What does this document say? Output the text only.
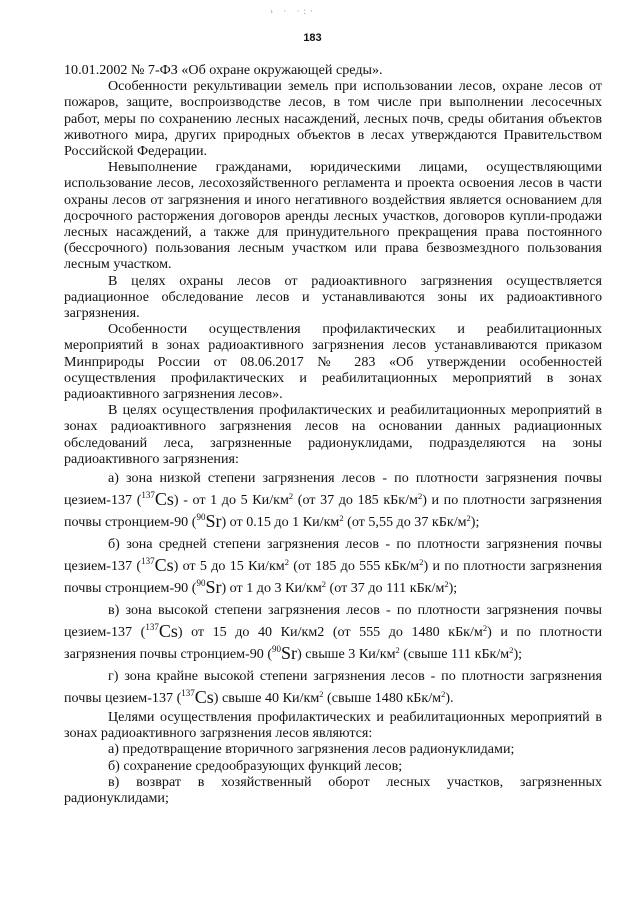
› · ·:·
183

10.01.2002 № 7-ФЗ «Об охране окружающей среды».

Особенности рекультивации земель при использовании лесов, охране лесов от пожаров, защите, воспроизводстве лесов, в том числе при выполнении лесосечных работ, меры по сохранению лесных насаждений, лесных почв, среды обитания объектов животного мира, других природных объектов в лесах утверждаются Правительством Российской Федерации.

Невыполнение гражданами, юридическими лицами, осуществляющими использование лесов, лесохозяйственного регламента и проекта освоения лесов в части охраны лесов от загрязнения и иного негативного воздействия является основанием для досрочного расторжения договоров аренды лесных участков, договоров купли-продажи лесных насаждений, а также для принудительного прекращения права постоянного (бессрочного) пользования лесным участком или права безвозмездного пользования лесным участком.

В целях охраны лесов от радиоактивного загрязнения осуществляется радиационное обследование лесов и устанавливаются зоны их радиоактивного загрязнения.

Особенности осуществления профилактических и реабилитационных мероприятий в зонах радиоактивного загрязнения лесов устанавливаются приказом Минприроды России от 08.06.2017 № 283 «Об утверждении особенностей осуществления профилактических и реабилитационных мероприятий в зонах радиоактивного загрязнения лесов».

В целях осуществления профилактических и реабилитационных мероприятий в зонах радиоактивного загрязнения лесов на основании данных радиационных обследований леса, загрязненные радионуклидами, подразделяются на зоны радиоактивного загрязнения:

а) зона низкой степени загрязнения лесов - по плотности загрязнения почвы цезием-137 ($^{137}$Cs) - от 1 до 5 $Ки/км^2$ (от 37 до 185 кБк/$м^2$) и по плотности загрязнения почвы стронцием-90 ($^{90}$Sr) от 0.15 до 1 $Ки/км^2$ (от 5,55 до 37 кБк/$м^2$);

б) зона средней степени загрязнения лесов - по плотности загрязнения почвы цезием-137 ($^{137}$Cs) от 5 до 15 $Ки/км^2$ (от 185 до 555 кБк/$м^2$) и по плотности загрязнения почвы стронцием-90 ($^{90}$Sr) от 1 до 3 $Ки/км^2$ (от 37 до 111 кБк/$м^2$);

в) зона высокой степени загрязнения лесов - по плотности загрязнения почвы цезием-137 ($^{137}$Cs) от 15 до 40 Ки/км2 (от 555 до 1480 кБк/$м^2$) и по плотности загрязнения почвы стронцием-90 ($^{90}$Sr) свыше 3 $Ки/км^2$ (свыше 111 кБк/$м^2$);

г) зона крайне высокой степени загрязнения лесов - по плотности загрязнения почвы цезием-137 ($^{137}$Cs) свыше 40 $Ки/км^2$ (свыше 1480 кБк/$м^2$).

Целями осуществления профилактических и реабилитационных мероприятий в зонах радиоактивного загрязнения лесов являются:

а) предотвращение вторичного загрязнения лесов радионуклидами;

б) сохранение средообразующих функций лесов;

в) возврат в хозяйственный оборот лесных участков, загрязненных радионуклидами;
